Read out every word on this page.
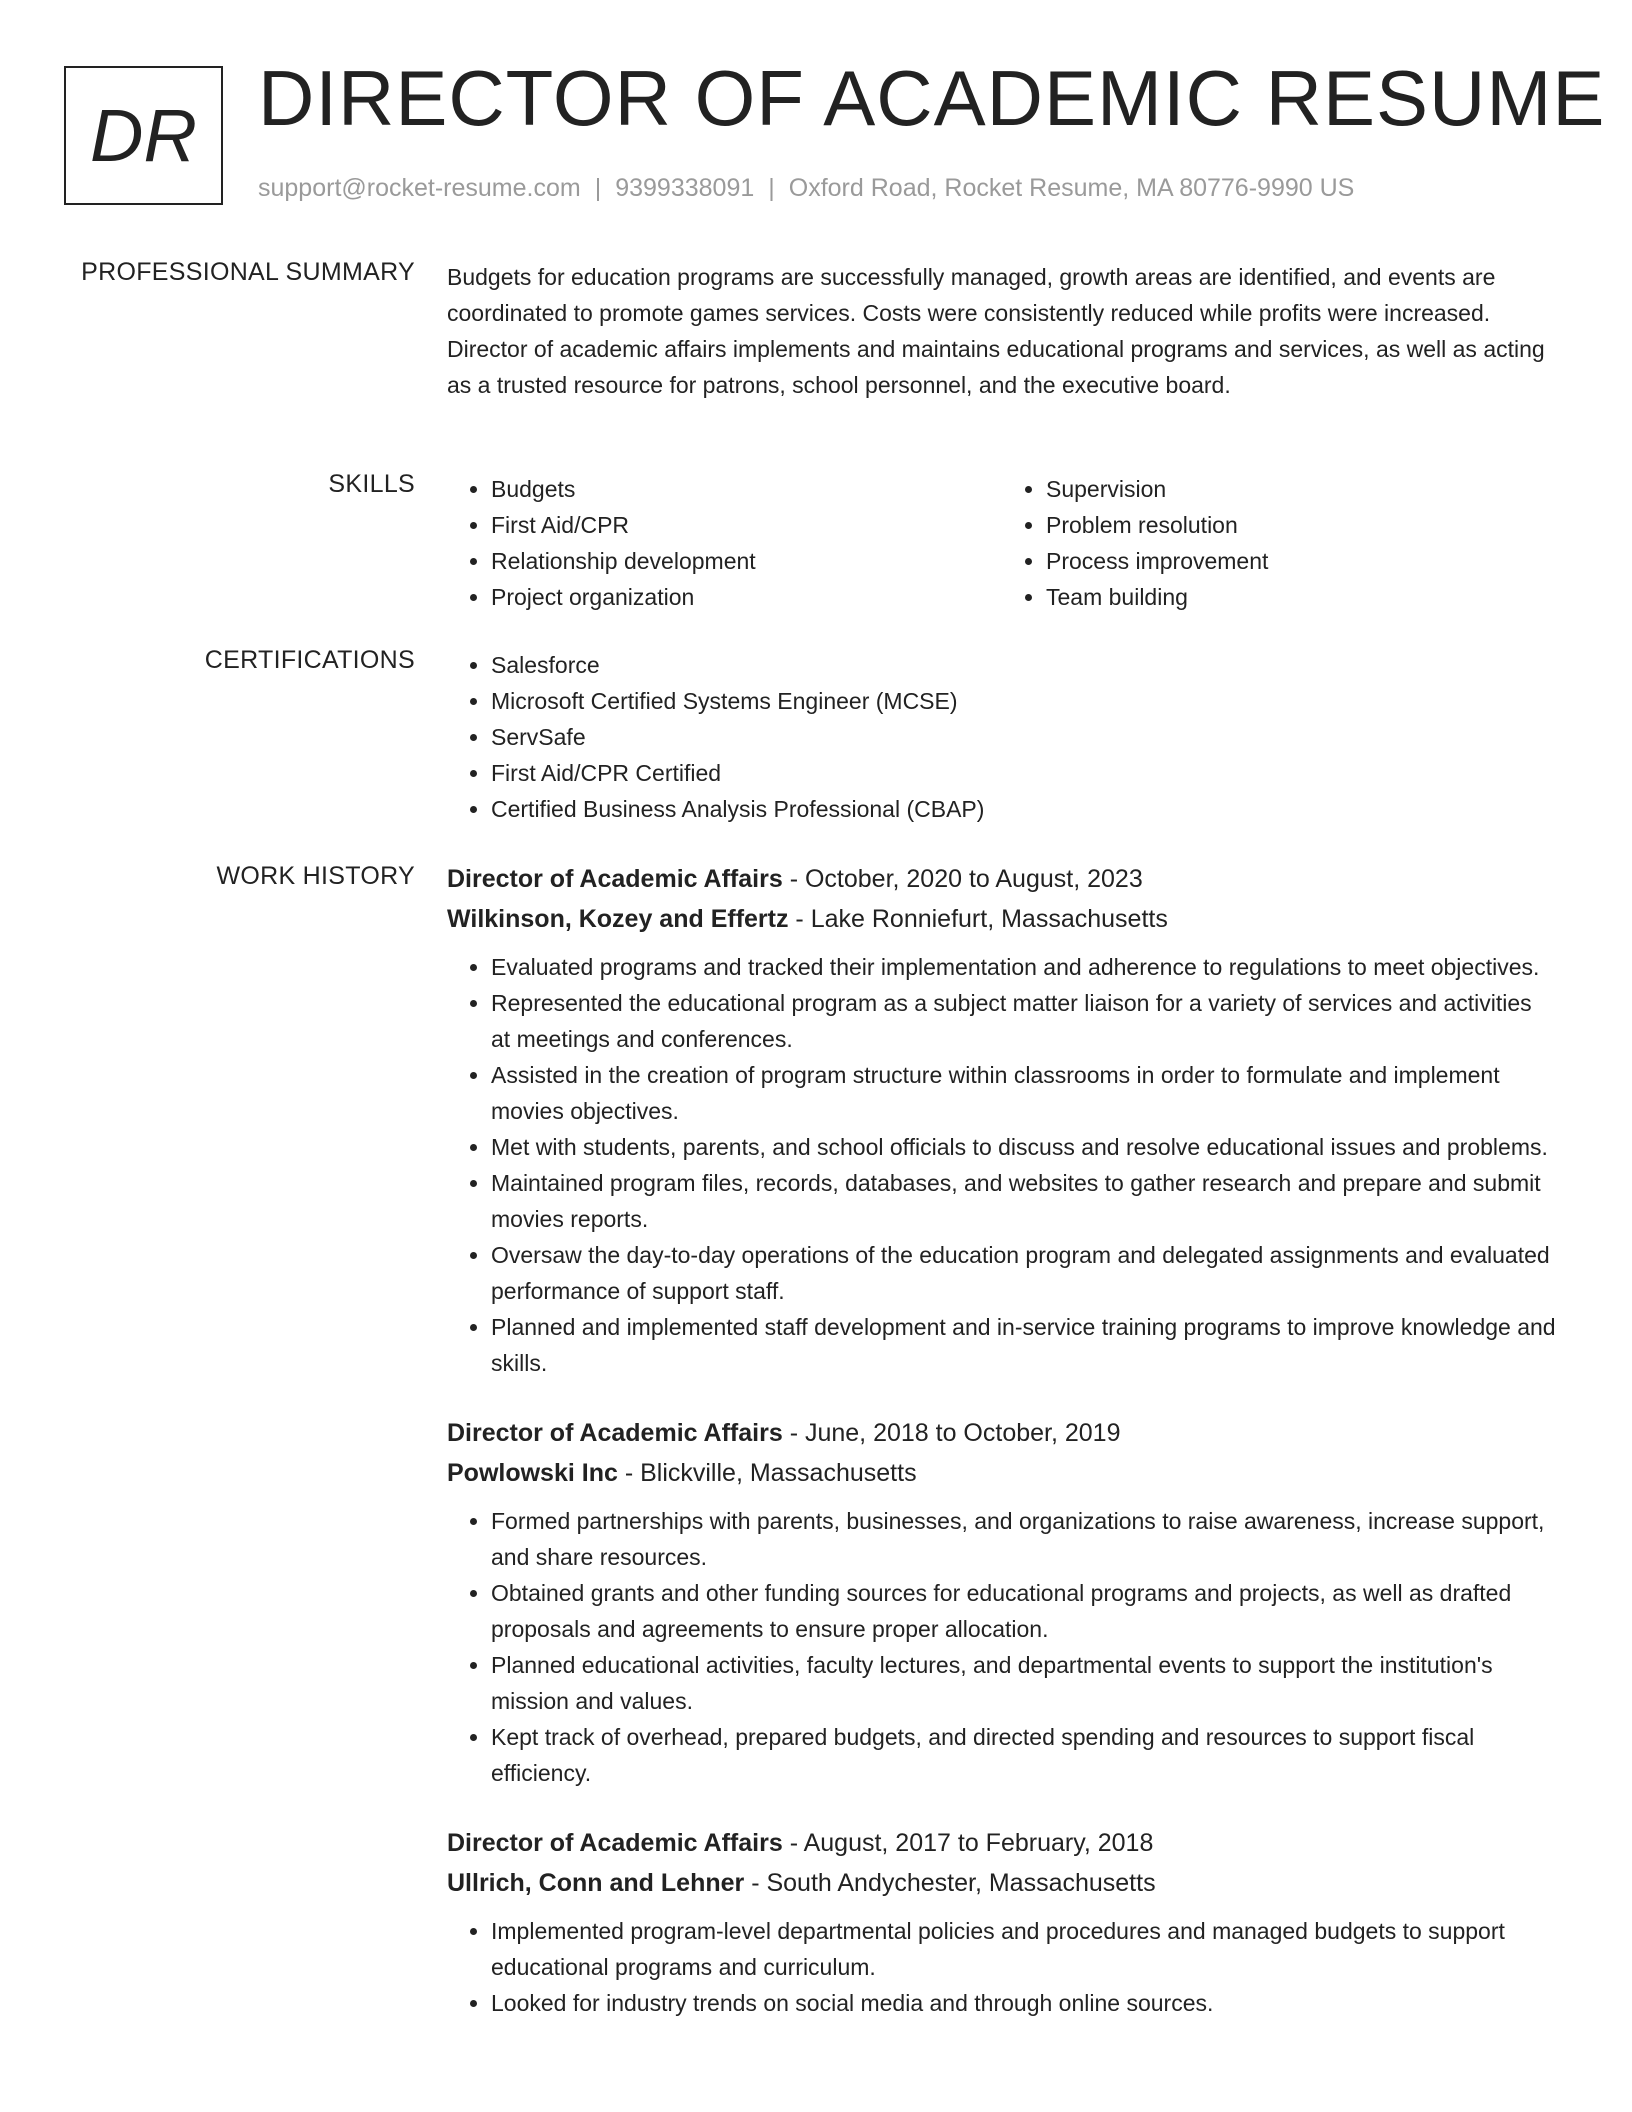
DR DIRECTOR OF ACADEMIC RESUME
support@rocket-resume.com | 9399338091 | Oxford Road, Rocket Resume, MA 80776-9990 US
PROFESSIONAL SUMMARY Budgets for education programs are successfully managed, growth areas are identified, and events are coordinated to promote games services. Costs were consistently reduced while profits were increased. Director of academic affairs implements and maintains educational programs and services, as well as acting as a trusted resource for patrons, school personnel, and the executive board.

SKILLS	• Budgets
• First Aid/CPR
• Relationship development
• Project organization
• Supervision
• Problem resolution
• Process improvement
• Team building
CERTIFICATIONS	• Salesforce
• Microsoft Certified Systems Engineer (MCSE)
• ServSafe
• First Aid/CPR Certified
• Certified Business Analysis Professional (CBAP)
WORK HISTORY Director of Academic Affairs - October, 2020 to August, 2023
Wilkinson, Kozey and Effertz - Lake Ronniefurt, Massachusetts
• Evaluated programs and tracked their implementation and adherence to regulations to meet objectives.
• Represented the educational program as a subject matter liaison for a variety of services and activities at meetings and conferences.
• Assisted in the creation of program structure within classrooms in order to formulate and implement movies objectives.
• Met with students, parents, and school officials to discuss and resolve educational issues and problems.
• Maintained program files, records, databases, and websites to gather research and prepare and submit movies reports.
• Oversaw the day-to-day operations of the education program and delegated assignments and evaluated performance of support staff.
• Planned and implemented staff development and in-service training programs to improve knowledge and skills.
Director of Academic Affairs - June, 2018 to October, 2019
Powlowski Inc - Blickville, Massachusetts
• Formed partnerships with parents, businesses, and organizations to raise awareness, increase support, and share resources.
• Obtained grants and other funding sources for educational programs and projects, as well as drafted proposals and agreements to ensure proper allocation.
• Planned educational activities, faculty lectures, and departmental events to support the institution's mission and values.
• Kept track of overhead, prepared budgets, and directed spending and resources to support fiscal efficiency.
Director of Academic Affairs - August, 2017 to February, 2018
Ullrich, Conn and Lehner - South Andychester, Massachusetts
• Implemented program-level departmental policies and procedures and managed budgets to support educational programs and curriculum.
• Looked for industry trends on social media and through online sources.
